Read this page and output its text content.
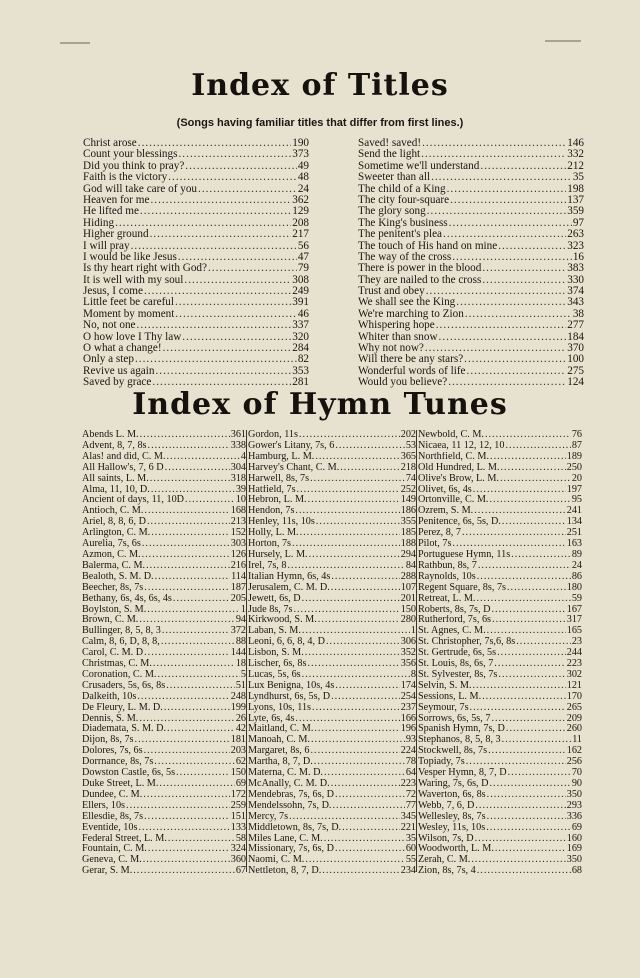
Index of Titles
(Songs having familiar titles that differ from first lines.)
Christ arose .....	190
Count your blessings .....	373
Did you think to pray? .....	49
Faith is the victory .....	48
God will take care of you .....	24
Heaven for me .....	362
He lifted me .....	129
Hiding .....	208
Higher ground .....	217
I will pray .....	56
I would be like Jesus .....	47
Is thy heart right with God? .....	79
It is well with my soul .....	308
Jesus, I come .....	249
Little feet be careful .....	391
Moment by moment .....	46
No, not one .....	337
O how love I Thy law .....	320
O what a change! .....	284
Only a step .....	82
Revive us again .....	353
Saved by grace .....	281
Saved! saved! .....	146
Send the light .....	332
Sometime we'll understand .....	212
Sweeter than all .....	35
The child of a King .....	198
The city four-square .....	137
The glory song .....	359
The King's business .....	97
The penitent's plea .....	263
The touch of His hand on mine .....	323
The way of the cross .....	16
There is power in the blood .....	383
They are nailed to the cross .....	330
Trust and obey .....	374
We shall see the King .....	343
We're marching to Zion .....	38
Whispering hope .....	277
Whiter than snow .....	184
Why not now? .....	370
Will there be any stars? .....	100
Wonderful words of life .....	275
Would you believe? .....	124
Index of Hymn Tunes
Abends L. M. .....	361
Advent, 8, 7, 8s .....	338
Alas! and did, C. M. .....	4
All Hallow's, 7, 6 D .....	304
All saints, L. M. .....	318
Alma, 11, 10, D. .....	39
Ancient of days, 11, 10D .....	10
Antioch, C. M. .....	168
Ariel, 8, 8, 6, D .....	213
Arlington, C. M. .....	152
Aurelia, 7s, 6s .....	303
Azmon, C. M. .....	126
Balerma, C. M. .....	216
Bealoth, S. M. D. .....	114
Beecher, 8s, 7s .....	187
Bethany, 6s, 4s, 6s, 4s .....	205
Boylston, S. M. .....	1
Brown, C. M. .....	94
Bullinger, 8, 5, 8, 3 .....	372
Calm, 8, 6, D, 8, 8, .....	88
Carol, C. M. D .....	144
Christmas, C. M. .....	18
Coronation, C. M. .....	5
Crusaders, 5s, 6s, 8s .....	51
Dalkeith, 10s .....	248
De Fleury, L. M. D. .....	199
Dennis, S. M. .....	26
Diademata, S. M. D. .....	42
Dijon, 8s, 7s .....	181
Dolores, 7s, 6s .....	203
Dorrnance, 8s, 7s .....	62
Dowston Castle, 6s, 5s .....	150
Duke Street, L. M. .....	69
Dundee, C. M. .....	172
Ellers, 10s .....	259
Ellesdie, 8s, 7s .....	151
Eventide, 10s .....	133
Federal Street, L. M. .....	58
Fountain, C. M. .....	324
Geneva, C. M. .....	360
Gerar, S. M. .....	67
Gordon, 11s .....	202
Gower's Litany, 7s, 6 .....	53
Hamburg, L. M. .....	365
Harvey's Chant, C. M. .....	218
Harwell, 8s, 7s .....	74
Hatfield, 7s .....	252
Hebron, L. M. .....	149
Hendon, 7s .....	186
Henley, 11s, 10s .....	355
Holly, L. M. .....	185
Horton, 7s .....	188
Hursely, L. M. .....	294
Irel, 7s, 8 .....	84
Italian Hymn, 6s, 4s .....	288
Jerusalem, C. M. D. .....	107
Jewett, 6s, D .....	201
Jude 8s, 7s .....	150
Kirkwood, S. M. .....	280
Laban, S. M. .....	1
Leoni, 6, 6, 8, 4, D .....	306
Lisbon, S. M. .....	352
Lischer, 6s, 8s .....	356
Lucas, 5s, 6s .....	8
Lux Benigna, 10s, 4s .....	174
Lyndhurst, 6s, 5s, D .....	254
Lyons, 10s, 11s .....	237
Lyte, 6s, 4s .....	166
Maitland, C. M. .....	196
Manoah, C. M. .....	93
Margaret, 8s, 6 .....	224
Martha, 8, 7, D. .....	78
Materna, C. M. D. .....	64
McAnally, C. M. D. .....	223
Mendebras, 7s, 6s, D .....	72
Mendelssohn, 7s, D. .....	77
Mercy, 7s .....	345
Middletown, 8s, 7s, D. .....	221
Miles Lane, C. M. .....	35
Missionary, 7s, 6s, D .....	60
Naomi, C. M. .....	55
Nettleton, 8, 7, D. .....	234
Newbold, C. M. .....	76
Nicaea, 11 12, 12, 10 .....	87
Northfield, C. M. .....	189
Old Hundred, L. M. .....	250
Olive's Brow, L. M. .....	20
Olivet, 6s, 4s .....	197
Ortonville, C. M. .....	95
Ozrem, S. M. .....	241
Penitence, 6s, 5s, D. .....	134
Perez, 8, 7 .....	251
Pilot, 7s .....	163
Portuguese Hymn, 11s .....	89
Rathbun, 8s, 7 .....	24
Raynolds, 10s .....	86
Regent Square, 8s, 7s .....	180
Retreat, L. M. .....	59
Roberts, 8s, 7s, D .....	167
Rutherford, 7s, 6s .....	317
St. Agnes, C. M. .....	165
St. Christopher, 7s,6, 8s .....	23
St. Gertrude, 6s, 5s .....	244
St. Louis, 8s, 6s, 7 .....	223
St. Sylvester, 8s, 7s .....	302
Selvin, S. M. .....	121
Sessions, L. M. .....	170
Seymour, 7s .....	265
Sorrows, 6s, 5s, 7 .....	209
Spanish Hymn, 7s, D .....	260
Stephanos, 8, 5, 8, 3 .....	11
Stockwell, 8s, 7s .....	162
Topiady, 7s .....	256
Vesper Hymn, 8, 7, D .....	70
Waring, 7s, 6s, D .....	90
Waverton, 6s, 8s .....	350
Webb, 7, 6, D .....	293
Wellesley, 8s, 7s .....	336
Wesley, 11s, 10s .....	69
Wilson, 7s, D .....	160
Woodworth, L. M. .....	169
Zerah, C. M. .....	350
Zion, 8s, 7s, 4 .....	68
